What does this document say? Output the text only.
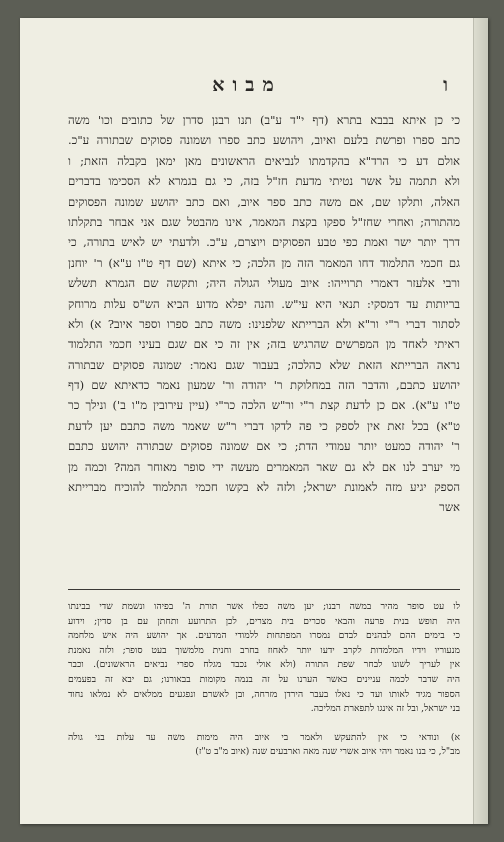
ו
מבוא
כי כן איתא בבבא בתרא (דף י"ד ע"ב) תנו רבנן סדרן של כתובים וכו' משה
כתב ספרו ופרשת בלעם ואיוב, ויהושע כתב ספרו ושמונה פסוקים שבתורה ע"כ.
אולם דע כי הרד"א בהקדמתו לנביאים הראשונים מאן ימאן בקבלה הזאת; ו
ולא תתמה על אשר נטיתי מדעת חז"ל בזה, כי גם בגמרא לא הסכימו בדברים
האלה, ותלקו שם, אם משה כתב ספר איוב, ואם כתב יהושע שמונה הפסוקים
מהתורה; ואחרי שחז"ל ספקו בקצת המאמר, אינו מהבטל שגם אני אבחר בתקלתו
דרך יותר ישר ואמת כפי טבע הפסוקים ויוצרם, ע"כ. ולדעתי יש לאיש בתורה, כי
גם חכמי התלמוד דחו המאמר הזה מן הלכה; כי איתא (שם דף ט"ו ע"א) ר' יוחנן
ורבי אלעזר דאמרי תרוייהו: איוב מעולי הגולה היה; ותקשה שם הגמרא תשלש
בריותות עד דמסקי: תנאי היא עי"ש. והנה יפלא מדוע הביא הש"ס עלות מרוחק
לסתור דברי ר"י ור"א ולא הברייתא שלפנינו: משה כתב ספרו וספר איוב? א) ולא
ראיתי לאחד מן המפרשים שהרגיש בזה; אין זה כי אם שגם בעיני חכמי התלמוד
נראה הברייתא הזאת שלא כהלכה; בעבור שגם נאמר: שמונה פסוקים שבתורה
יהושע כתבם, והדבר הזה במחלוקת ר' יהודה ור' שמעון נאמר כדאיתא שם (דף
ט"ו ע"א). אם כן לדעת קצת ר"י ור"ש הלכה כר"י (עיין עירובין מ"ו ב') ונילך כר
ט"א) בכל זאת אין לספק כי פה לדקו דברי ר"ש שאמר משה כתבם יען לדעת
ר' יהודה כמעט יותר עמודי הדת; כי אם שמונה פסוקים שבתורה יהושע כתבם
מי יערב לנו אם לא גם שאר המאמרים מעשה ידי סופר מאוחר המה? וכמה מן
הספק יגיע מזה לאמונת ישראל; ולזה לא בקשו חכמי התלמוד להוכיח מברייתא
אשר
לו עט סופר מהיר במשה רבנו; יען משה כפלו אשר תורת ה' בפיהו ונשמת שדי בבינתו
היה תופש בנית פרעה והבאי סכרים בית מצרים, לכן התרועע ותחתן עם בן סדין; וידוע
כי בימים ההם לבהנים לבדם נמסרו המפתחות ללמודי המדעים. אך יהושע היה איש מלחמה
מנעוריו וידיו המלמדות לקרב ידעו יותר לאחוז בחרב וחנית מלמשוך בעט סופר; ולזה נאמנת
אין לעריך לשונו לבחר שפת התורה (ולא אולי נכבד מגלח ספרי נביאים הראשונים). וכבר
היה שדבר לכמה עניינים כאשר הערנו על זה בנמה מקומות בבאורנו; גם יבא זה בפעמים
הספור מגיד לאותו ועד כי נאלו בעבר הירדן מזרחה, ובן לאשרם ונפגעים ממלאים לא נמלאו נחוד
בני ישראל, ובל זה אינגו לתפארת המליכה.
א) ונודאי כי אין להתעקש ולאמר בי איוב היה מימות משה עד עלות בני גולה
מב"ל, כי בנו נאמר ויהי איוב אשרי שנה מאה וארבעים שנה (איוב מ"ב ט"ז)
